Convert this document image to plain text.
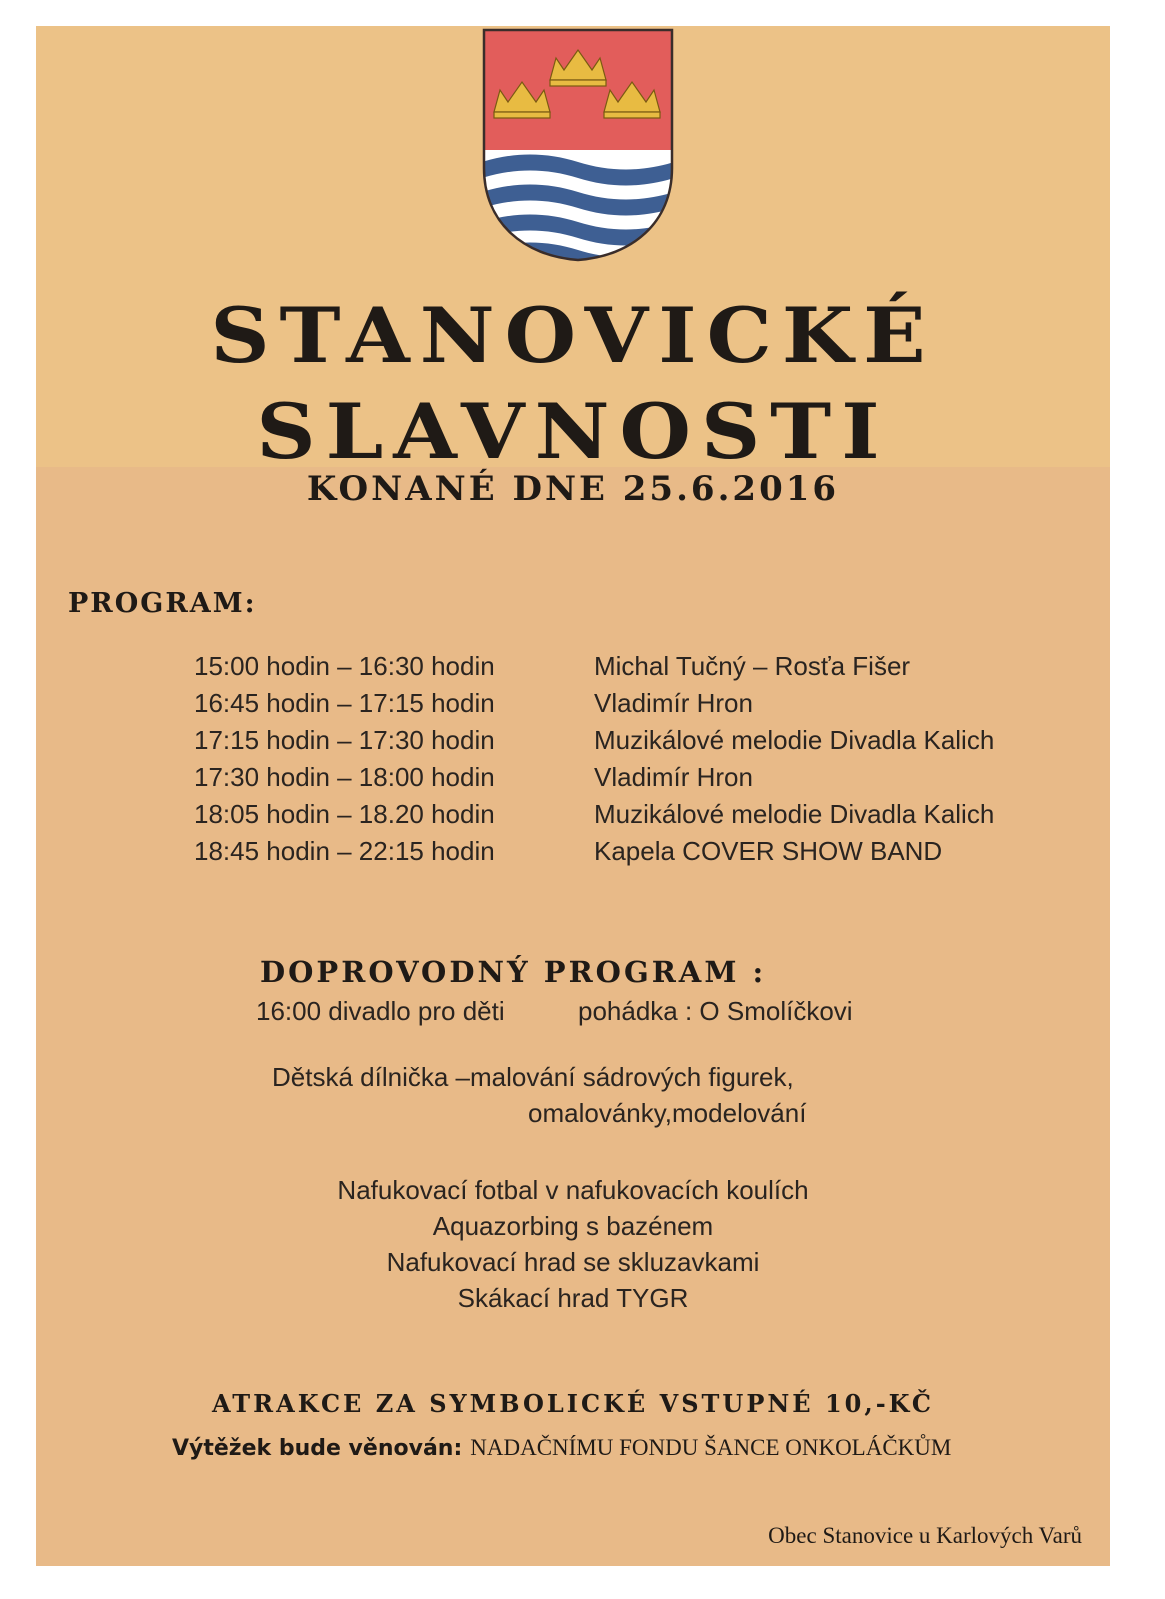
STANOVICKÉ
SLAVNOSTI
KONANÉ DNE 25.6.2016
PROGRAM:
15:00 hodin – 16:30 hodin	Michal Tučný – Rosťa Fišer
16:45 hodin – 17:15 hodin	Vladimír Hron
17:15 hodin – 17:30 hodin	Muzikálové melodie Divadla Kalich
17:30 hodin – 18:00 hodin	Vladimír Hron
18:05 hodin – 18.20 hodin	Muzikálové melodie Divadla Kalich
18:45 hodin – 22:15 hodin	Kapela COVER SHOW BAND
DOPROVODNÝ PROGRAM :
16:00 divadlo pro děti	pohádka : O Smolíčkovi
Dětská dílnička –malování sádrových figurek,
omalovánky,modelování
Nafukovací fotbal v nafukovacích koulích
Aquazorbing s bazénem
Nafukovací hrad se skluzavkami
Skákací hrad TYGR
ATRAKCE ZA SYMBOLICKÉ VSTUPNÉ 10,-KČ
Výtěžek bude věnován: NADAČNÍMU FONDU ŠANCE ONKOLÁČKŮM
Obec Stanovice u Karlových Varů
